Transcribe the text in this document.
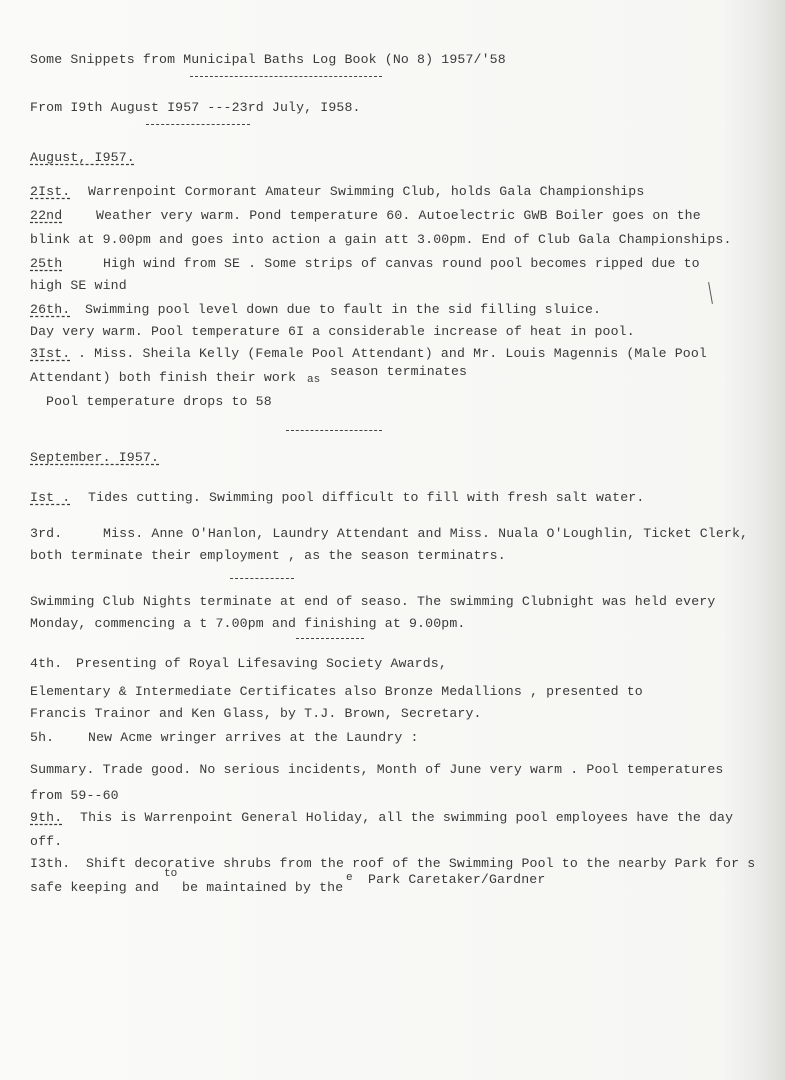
Some Snippets from Municipal Baths Log Book (No 8) 1957/'58
From I9th August I957 ---23rd July, I958.
August, I957.
2Ist. Warrenpoint Cormorant Amateur Swimming Club, holds Gala Championships
22nd	Weather very warm. Pond temperature 60. Autoelectric GWB Boiler goes on the
blink at 9.00pm and goes into action a gain att 3.00pm. End of Club Gala Championships.
25th	High wind from SE . Some strips of canvas round pool becomes ripped due to
high SE wind
26th. Swimming pool level down due to fault in the sid filling sluice.
Day very warm. Pool temperature 6I a considerable increase of heat in pool.
3Ist. . Miss. Sheila Kelly (Female Pool Attendant) and Mr. Louis Magennis (Male Pool
Attendant) both finish their work as
season terminates
Pool temperature drops to 58
September. I957.
Ist . Tides cutting. Swimming pool difficult to fill with fresh salt water.
3rd.	Miss. Anne O'Hanlon, Laundry Attendant and Miss. Nuala O'Loughlin, Ticket Clerk,
both terminate their employment , as the season terminatrs.
Swimming Club Nights terminate at end of seaso. The swimming Clubnight was held every
Monday, commencing a t 7.00pm and finishing at 9.00pm.
4th. Presenting of Royal Lifesaving Society Awards,
Elementary & Intermediate Certificates also Bronze Medallions , presented to
Francis Trainor and Ken Glass, by T.J. Brown, Secretary.
5h.	New Acme wringer arrives at the Laundry :
Summary. Trade good. No serious incidents, Month of June very warm . Pool temperatures
from 59--60
9th. This is Warrenpoint General Holiday, all the swimming pool employees have the day
off.
I3th. Shift decorative shrubs from the roof of the Swimming Pool to the nearby Park for s
safe keeping and
to
be maintained by the
e Park Caretaker/Gardner
